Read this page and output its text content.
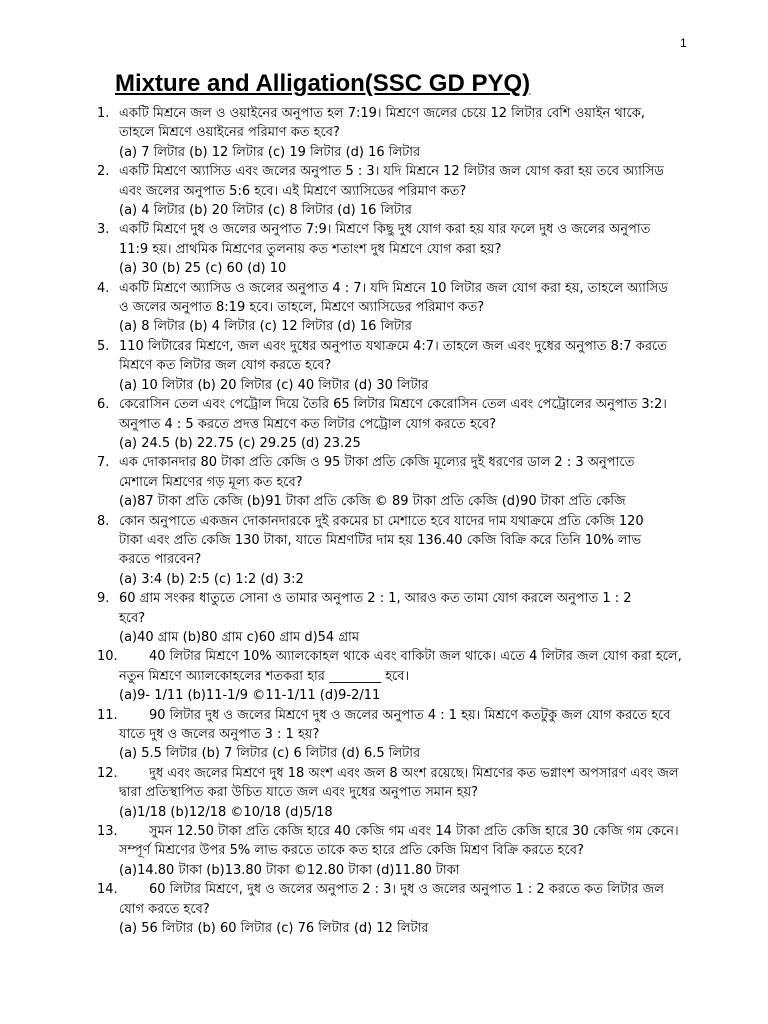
1
Mixture and Alligation(SSC GD PYQ)
1. একটি মিশ্রনে জল ও ওয়াইনের অনুপাত হল 7:19। মিশ্রণে জলের চেয়ে 12 লিটার বেশি ওয়াইন থাকে,
তাহলে মিশ্রণে ওয়াইনের পরিমাণ কত হবে?
(a) 7 লিটার (b) 12 লিটার (c) 19 লিটার (d) 16 লিটার
2. একটি মিশ্রণে অ্যাসিড এবং জলের অনুপাত 5 : 3। যদি মিশ্রনে 12 লিটার জল যোগ করা হয় তবে অ্যাসিড
এবং জলের অনুপাত 5:6 হবে। এই মিশ্রণে অ্যাসিডের পরিমাণ কত?
(a) 4 লিটার (b) 20 লিটার (c) 8 লিটার (d) 16 লিটার
3. একটি মিশ্রণে দুধ ও জলের অনুপাত 7:9। মিশ্রণে কিছু দুধ যোগ করা হয় যার ফলে দুধ ও জলের অনুপাত
11:9 হয়। প্রাথমিক মিশ্রণের তুলনায় কত শতাংশ দুধ মিশ্রণে যোগ করা হয়?
(a) 30 (b) 25 (c) 60 (d) 10
4. একটি মিশ্রণে অ্যাসিড ও জলের অনুপাত 4 : 7। যদি মিশ্রনে 10 লিটার জল যোগ করা হয়, তাহলে অ্যাসিড
ও জলের অনুপাত 8:19 হবে। তাহলে, মিশ্রণে অ্যাসিডের পরিমাণ কত?
(a) 8 লিটার (b) 4 লিটার (c) 12 লিটার (d) 16 লিটার
5. 110 লিটারের মিশ্রণে, জল এবং দুধের অনুপাত যথাক্রমে 4:7। তাহলে জল এবং দুধের অনুপাত 8:7 করতে
মিশ্রণে কত লিটার জল যোগ করতে হবে?
(a) 10 লিটার (b) 20 লিটার (c) 40 লিটার (d) 30 লিটার
6. কেরোসিন তেল এবং পেট্রোল দিয়ে তৈরি 65 লিটার মিশ্রণে কেরোসিন তেল এবং পেট্রোলের অনুপাত 3:2।
অনুপাত 4 : 5 করতে প্রদত্ত মিশ্রণে কত লিটার পেট্রোল যোগ করতে হবে?
(a) 24.5 (b) 22.75 (c) 29.25 (d) 23.25
7. এক দোকানদার 80 টাকা প্রতি কেজি ও 95 টাকা প্রতি কেজি মূল্যের দুই ধরণের ডাল 2 : 3 অনুপাতে
মেশালে মিশ্রণের গড় মূল্য কত হবে?
(a)87 টাকা প্রতি কেজি (b)91 টাকা প্রতি কেজি © 89 টাকা প্রতি কেজি (d)90 টাকা প্রতি কেজি
8. কোন অনুপাতে একজন দোকানদারকে দুই রকমের চা মেশাতে হবে যাদের দাম যথাক্রমে প্রতি কেজি 120
টাকা এবং প্রতি কেজি 130 টাকা, যাতে মিশ্রণটির দাম হয় 136.40 কেজি বিক্রি করে তিনি 10% লাভ
করতে পারবেন?
(a) 3:4 (b) 2:5 (c) 1:2 (d) 3:2
9. 60 গ্রাম সংকর ধাতুতে সোনা ও তামার অনুপাত 2 : 1, আরও কত তামা যোগ করলে অনুপাত 1 : 2
হবে?
(a)40 গ্রাম (b)80 গ্রাম c)60 গ্রাম d)54 গ্রাম
10.	40 লিটার মিশ্রণে 10% অ্যালকোহল থাকে এবং বাকিটা জল থাকে। এতে 4 লিটার জল যোগ করা হলে,
নতুন মিশ্রণে অ্যালকোহলের শতকরা হার ________ হবে।
(a)9- 1/11 (b)11-1/9 ©11-1/11 (d)9-2/11
11.	90 লিটার দুধ ও জলের মিশ্রণে দুধ ও জলের অনুপাত 4 : 1 হয়। মিশ্রণে কতটুকু জল যোগ করতে হবে
যাতে দুধ ও জলের অনুপাত 3 : 1 হয়?
(a) 5.5 লিটার (b) 7 লিটার (c) 6 লিটার (d) 6.5 লিটার
12.	দুধ এবং জলের মিশ্রণে দুধ 18 অংশ এবং জল 8 অংশ রয়েছে। মিশ্রণের কত ভগ্নাংশ অপসারণ এবং জল
দ্বারা প্রতিস্থাপিত করা উচিত যাতে জল এবং দুধের অনুপাত সমান হয়?
(a)1/18 (b)12/18 ©10/18 (d)5/18
13.	সুমন 12.50 টাকা প্রতি কেজি হারে 40 কেজি গম এবং 14 টাকা প্রতি কেজি হারে 30 কেজি গম কেনে।
সম্পূর্ণ মিশ্রণের উপর 5% লাভ করতে তাকে কত হারে প্রতি কেজি মিশ্রণ বিক্রি করতে হবে?
(a)14.80 টাকা (b)13.80 টাকা ©12.80 টাকা (d)11.80 টাকা
14.	60 লিটার মিশ্রণে, দুধ ও জলের অনুপাত 2 : 3। দুধ ও জলের অনুপাত 1 : 2 করতে কত লিটার জল
যোগ করতে হবে?
(a) 56 লিটার (b) 60 লিটার (c) 76 লিটার (d) 12 লিটার
